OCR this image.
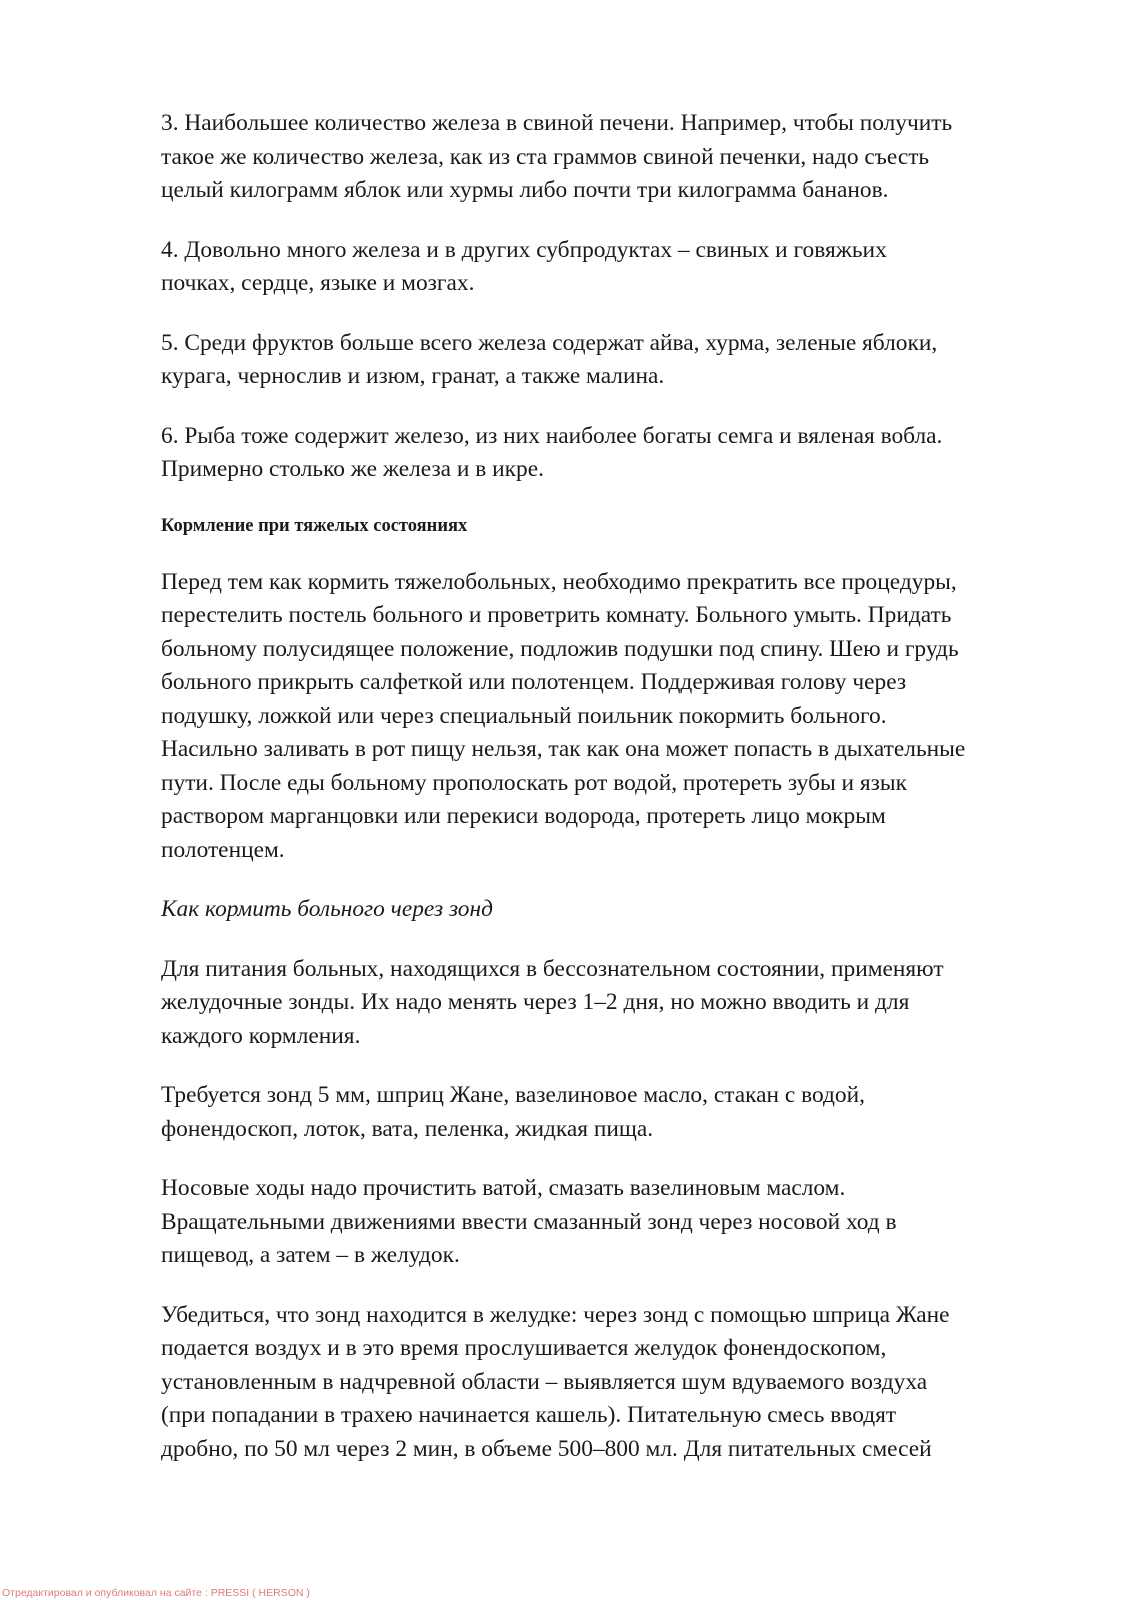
3. Наибольшее количество железа в свиной печени. Например, чтобы получить
такое же количество железа, как из ста граммов свиной печенки, надо съесть
целый килограмм яблок или хурмы либо почти три килограмма бананов.
4. Довольно много железа и в других субпродуктах – свиных и говяжьих
почках, сердце, языке и мозгах.
5. Среди фруктов больше всего железа содержат айва, хурма, зеленые яблоки,
курага, чернослив и изюм, гранат, а также малина.
6. Рыба тоже содержит железо, из них наиболее богаты семга и вяленая вобла.
Примерно столько же железа и в икре.
Кормление при тяжелых состояниях
Перед тем как кормить тяжелобольных, необходимо прекратить все процедуры,
перестелить постель больного и проветрить комнату. Больного умыть. Придать
больному полусидящее положение, подложив подушки под спину. Шею и грудь
больного прикрыть салфеткой или полотенцем. Поддерживая голову через
подушку, ложкой или через специальный поильник покормить больного.
Насильно заливать в рот пищу нельзя, так как она может попасть в дыхательные
пути. После еды больному прополоскать рот водой, протереть зубы и язык
раствором марганцовки или перекиси водорода, протереть лицо мокрым
полотенцем.
Как кормить больного через зонд
Для питания больных, находящихся в бессознательном состоянии, применяют
желудочные зонды. Их надо менять через 1–2 дня, но можно вводить и для
каждого кормления.
Требуется зонд 5 мм, шприц Жане, вазелиновое масло, стакан с водой,
фонендоскоп, лоток, вата, пеленка, жидкая пища.
Носовые ходы надо прочистить ватой, смазать вазелиновым маслом.
Вращательными движениями ввести смазанный зонд через носовой ход в
пищевод, а затем – в желудок.
Убедиться, что зонд находится в желудке: через зонд с помощью шприца Жане
подается воздух и в это время прослушивается желудок фонендоскопом,
установленным в надчревной области – выявляется шум вдуваемого воздуха
(при попадании в трахею начинается кашель). Питательную смесь вводят
дробно, по 50 мл через 2 мин, в объеме 500–800 мл. Для питательных смесей
Отредактировал и опубликовал на сайте : PRESSI ( HERSON )
